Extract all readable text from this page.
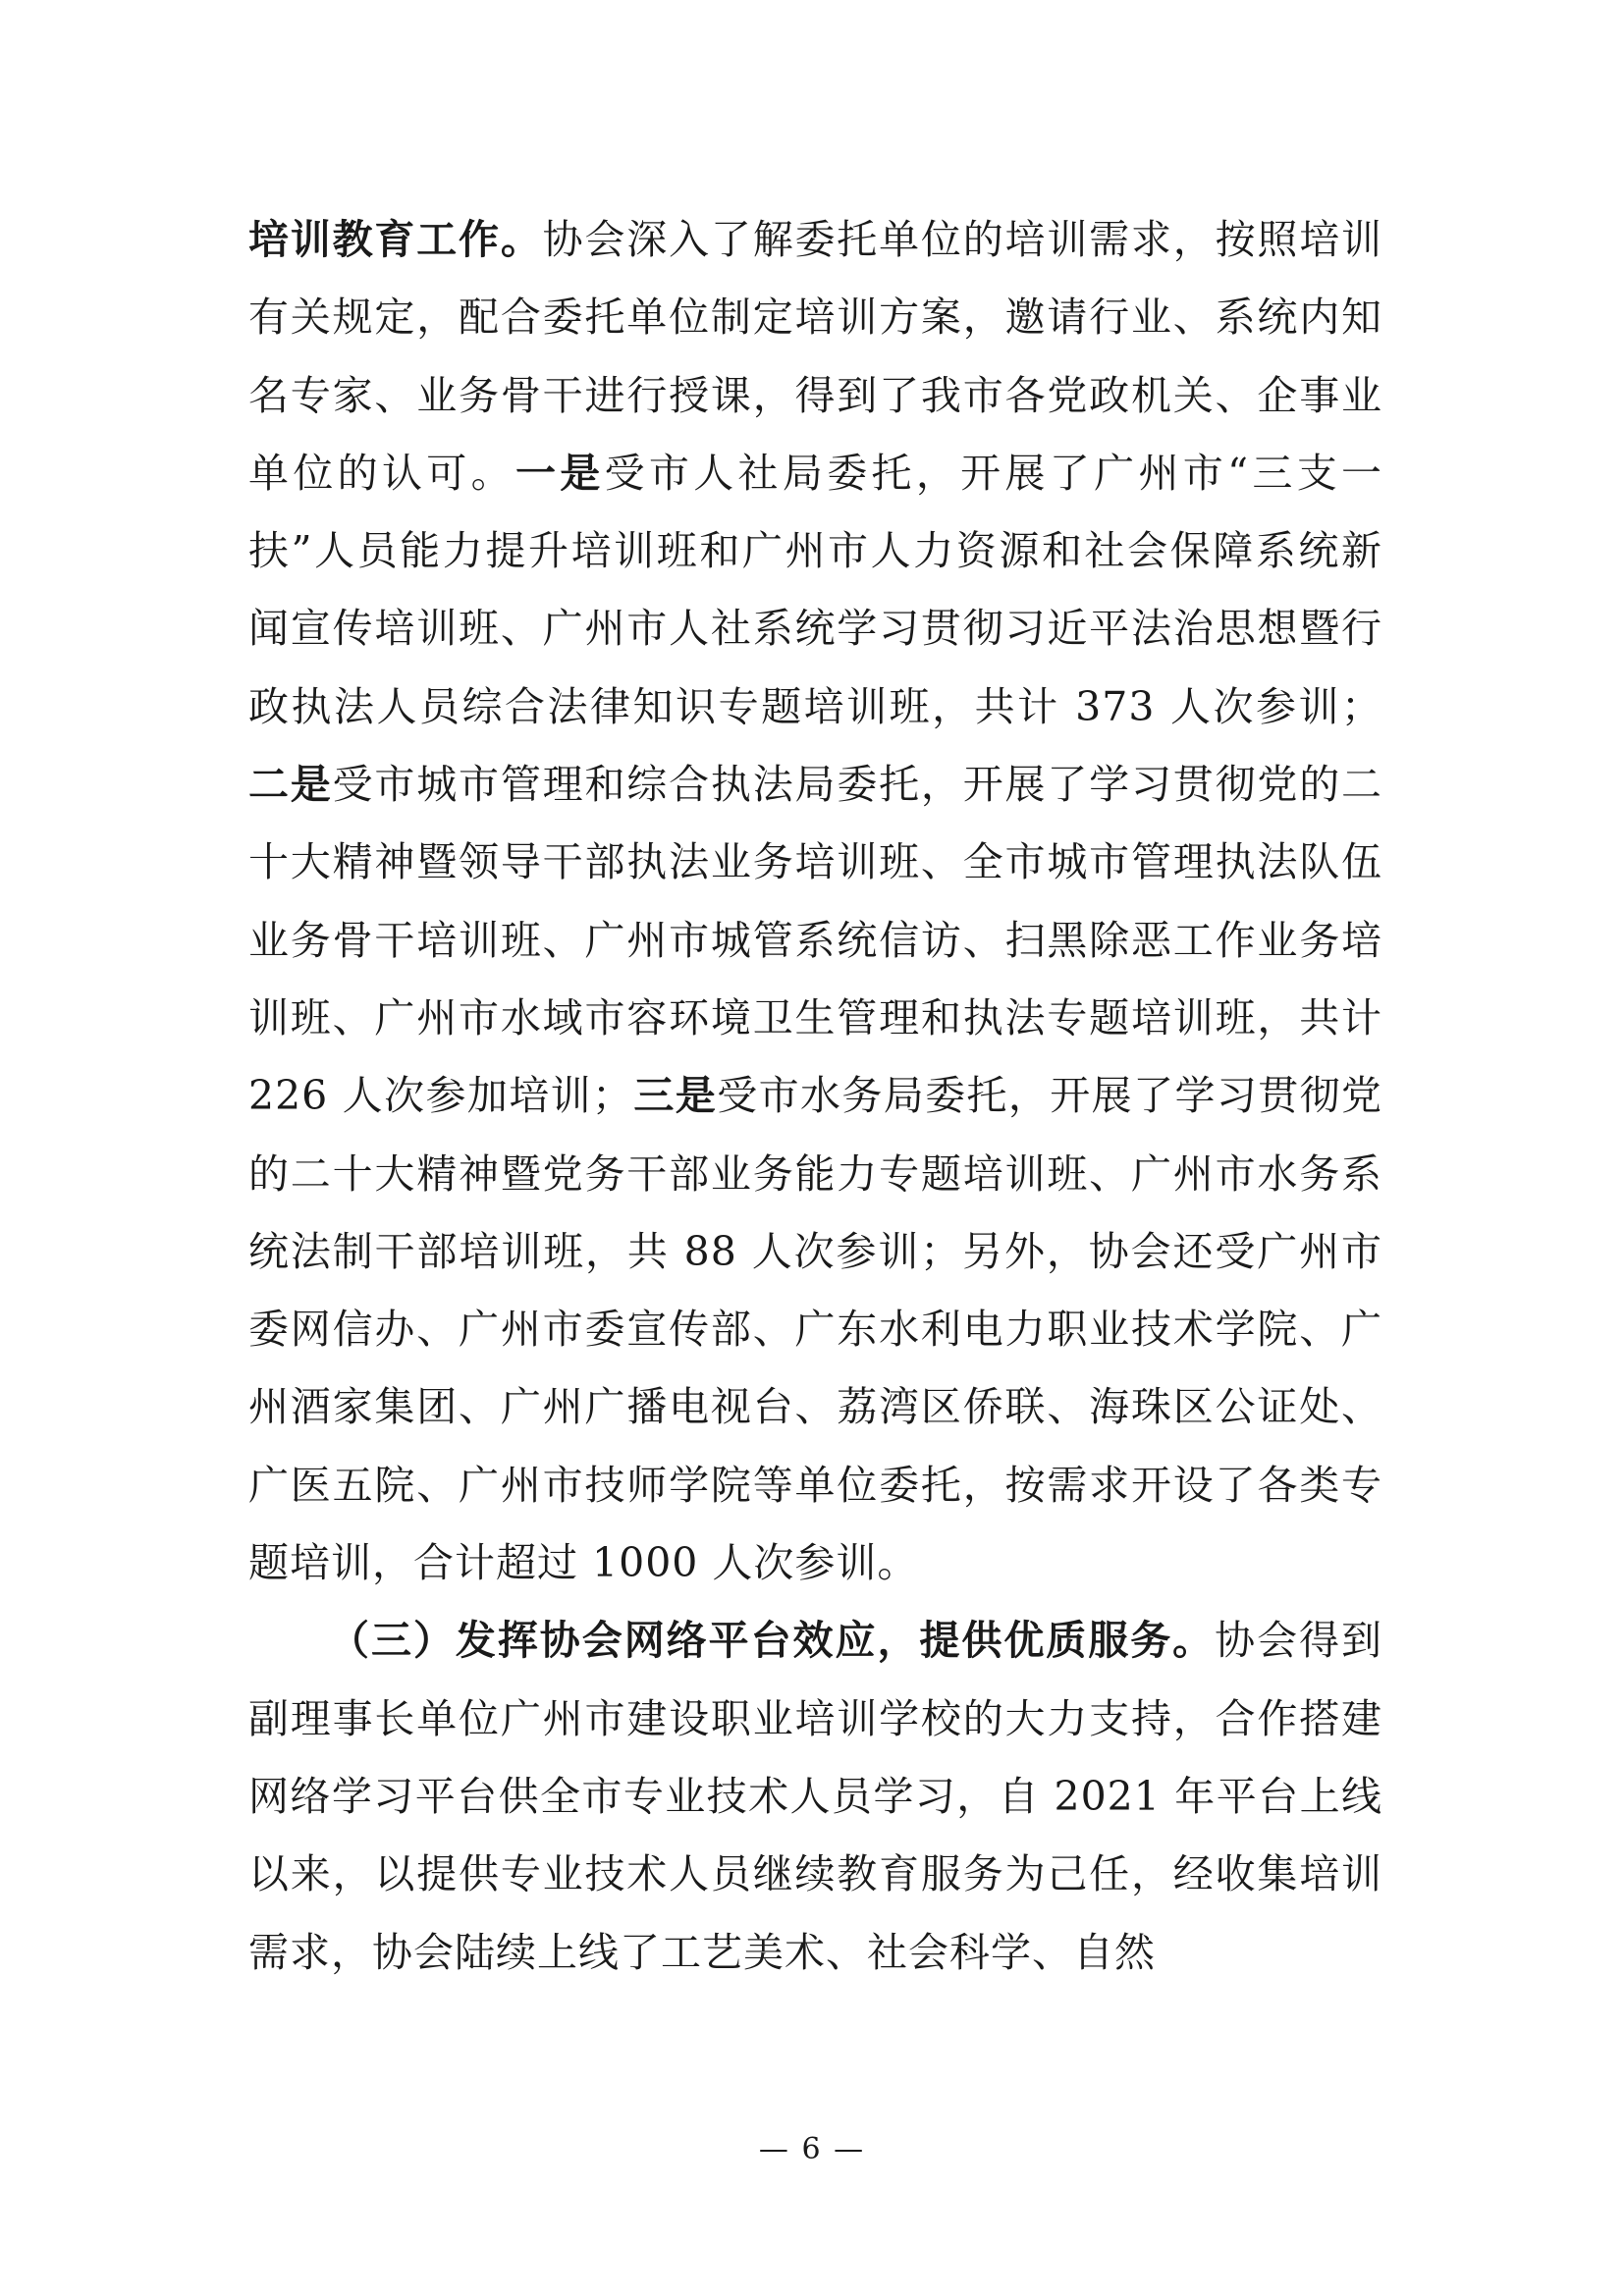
培训教育工作。协会深入了解委托单位的培训需求，按照培训有关规定，配合委托单位制定培训方案，邀请行业、系统内知名专家、业务骨干进行授课，得到了我市各党政机关、企事业单位的认可。一是受市人社局委托，开展了广州市“三支一扶”人员能力提升培训班和广州市人力资源和社会保障系统新闻宣传培训班、广州市人社系统学习贯彻习近平法治思想暨行政执法人员综合法律知识专题培训班，共计 373 人次参训；二是受市城市管理和综合执法局委托，开展了学习贯彻党的二十大精神暨领导干部执法业务培训班、全市城市管理执法队伍业务骨干培训班、广州市城管系统信访、扫黑除恶工作业务培训班、广州市水域市容环境卫生管理和执法专题培训班，共计 226 人次参加培训；三是受市水务局委托，开展了学习贯彻党的二十大精神暨党务干部业务能力专题培训班、广州市水务系统法制干部培训班，共 88 人次参训；另外，协会还受广州市委网信办、广州市委宣传部、广东水利电力职业技术学院、广州酒家集团、广州广播电视台、荔湾区侨联、海珠区公证处、广医五院、广州市技师学院等单位委托，按需求开设了各类专题培训，合计超过 1000 人次参训。

（三）发挥协会网络平台效应，提供优质服务。协会得到副理事长单位广州市建设职业培训学校的大力支持，合作搭建网络学习平台供全市专业技术人员学习，自 2021 年平台上线以来，以提供专业技术人员继续教育服务为己任，经收集培训需求，协会陆续上线了工艺美术、社会科学、自然

— 6 —
